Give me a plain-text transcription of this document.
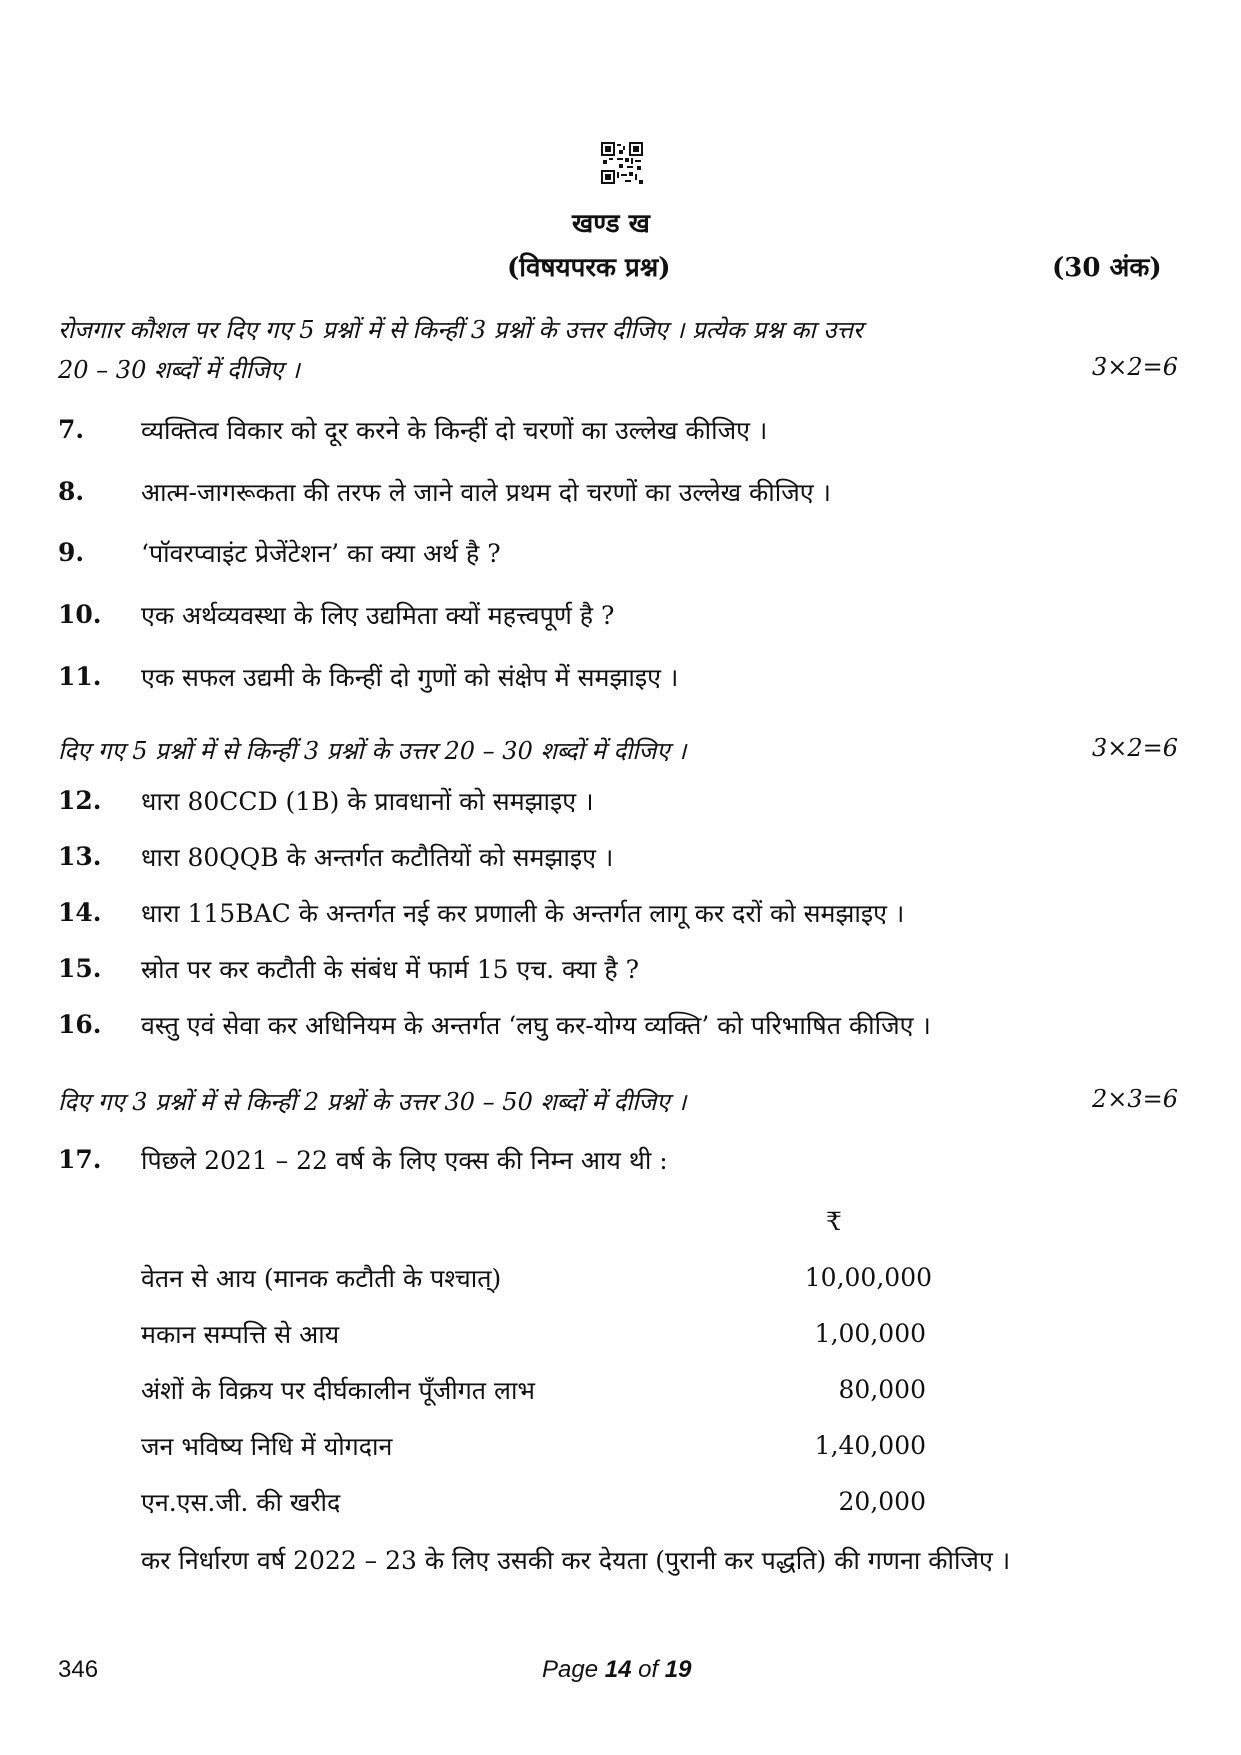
खण्ड ख
(विषयपरक प्रश्न)	(30 अंक)
रोजगार कौशल पर दिए गए 5 प्रश्नों में से किन्हीं 3 प्रश्नों के उत्तर दीजिए । प्रत्येक प्रश्न का उत्तर
20 – 30 शब्दों में दीजिए ।	3×2=6
7. व्यक्तित्व विकार को दूर करने के किन्हीं दो चरणों का उल्लेख कीजिए ।
8. आत्म-जागरूकता की तरफ ले जाने वाले प्रथम दो चरणों का उल्लेख कीजिए ।
9. ‘पॉवरप्वाइंट प्रेजेंटेशन’ का क्या अर्थ है ?
10. एक अर्थव्यवस्था के लिए उद्यमिता क्यों महत्त्वपूर्ण है ?
11. एक सफल उद्यमी के किन्हीं दो गुणों को संक्षेप में समझाइए ।
दिए गए 5 प्रश्नों में से किन्हीं 3 प्रश्नों के उत्तर 20 – 30 शब्दों में दीजिए ।	3×2=6
12. धारा 80CCD (1B) के प्रावधानों को समझाइए ।
13. धारा 80QQB के अन्तर्गत कटौतियों को समझाइए ।
14. धारा 115BAC के अन्तर्गत नई कर प्रणाली के अन्तर्गत लागू कर दरों को समझाइए ।
15. स्रोत पर कर कटौती के संबंध में फार्म 15 एच. क्या है ?
16. वस्तु एवं सेवा कर अधिनियम के अन्तर्गत ‘लघु कर-योग्य व्यक्ति’ को परिभाषित कीजिए ।
दिए गए 3 प्रश्नों में से किन्हीं 2 प्रश्नों के उत्तर 30 – 50 शब्दों में दीजिए ।	2×3=6
17. पिछले 2021 – 22 वर्ष के लिए एक्स की निम्न आय थी :
₹
वेतन से आय (मानक कटौती के पश्चात्)	10,00,000
मकान सम्पत्ति से आय	1,00,000
अंशों के विक्रय पर दीर्घकालीन पूँजीगत लाभ	80,000
जन भविष्य निधि में योगदान	1,40,000
एन.एस.जी. की खरीद	20,000
कर निर्धारण वर्ष 2022 – 23 के लिए उसकी कर देयता (पुरानी कर पद्धति) की गणना कीजिए ।
346	Page 14 of 19
